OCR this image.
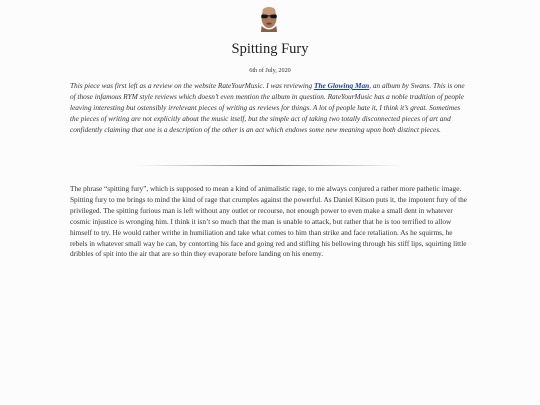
Spitting Fury
6th of July, 2020

This piece was first left as a review on the website RateYourMusic. I was reviewing The Glowing Man, an album by Swans. This is one of those infamous RYM style reviews which doesn’t even mention the album in question. RateYourMusic has a noble tradition of people leaving interesting but ostensibly irrelevant pieces of writing as reviews for things. A lot of people hate it, I think it’s great. Sometimes the pieces of writing are not explicitly about the music itself, but the simple act of taking two totally disconnected pieces of art and confidently claiming that one is a description of the other is an act which endows some new meaning upon both distinct pieces.

The phrase “spitting fury”, which is supposed to mean a kind of animalistic rage, to me always conjured a rather more pathetic image. Spitting fury to me brings to mind the kind of rage that crumples against the powerful. As Daniel Kitson puts it, the impotent fury of the privileged. The spitting furious man is left without any outlet or recourse, not enough power to even make a small dent in whatever cosmic injustice is wronging him. I think it isn’t so much that the man is unable to attack, but rather that he is too terrified to allow himself to try. He would rather writhe in humiliation and take what comes to him than strike and face retaliation. As he squirms, he rebels in whatever small way he can, by contorting his face and going red and stifling his bellowing through his stiff lips, squirting little dribbles of spit into the air that are so thin they evaporate before landing on his enemy.
